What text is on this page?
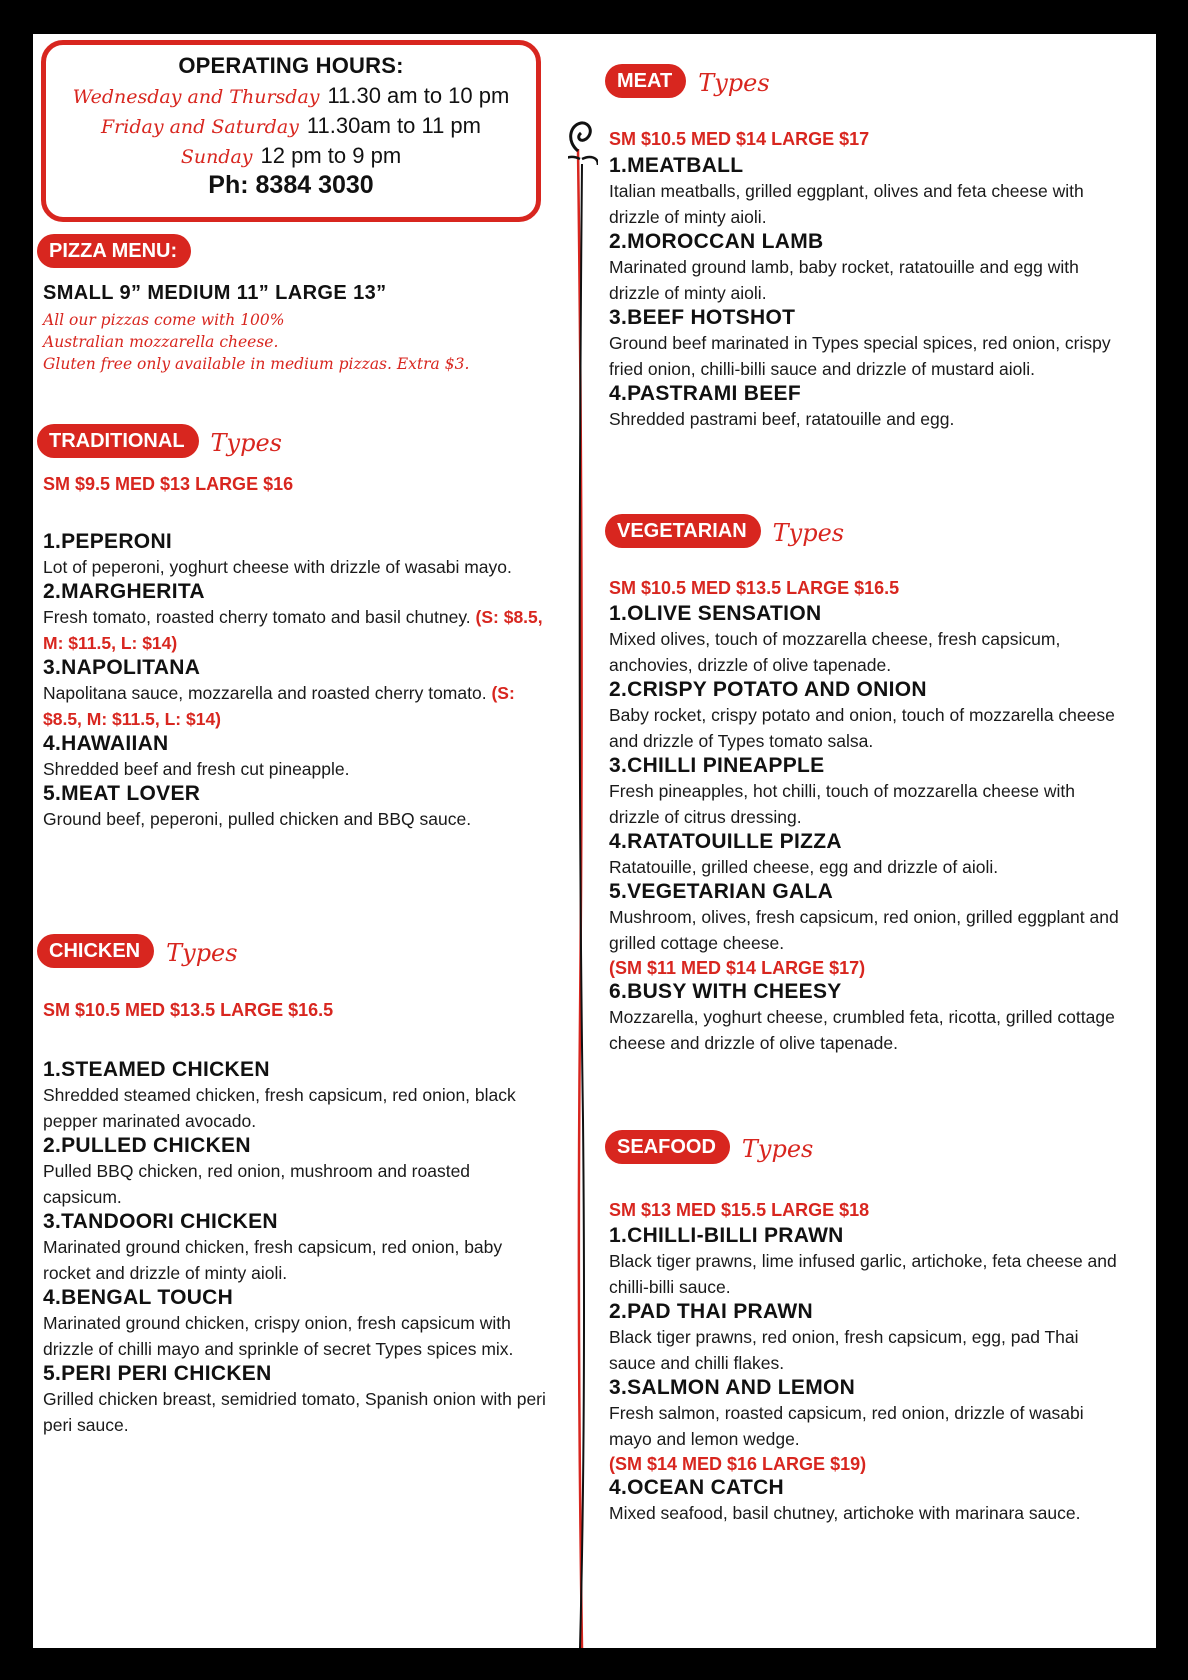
OPERATING HOURS:
Wednesday and Thursday 11.30 am to 10 pm
Friday and Saturday 11.30am to 11 pm
Sunday 12 pm to 9 pm
Ph: 8384 3030
PIZZA MENU:
SMALL 9” MEDIUM 11” LARGE 13”
All our pizzas come with 100%
Australian mozzarella cheese.
Gluten free only available in medium pizzas. Extra $3.
TRADITIONAL Types
SM $9.5 MED $13 LARGE $16
1.PEPERONI
Lot of peperoni, yoghurt cheese with drizzle of wasabi mayo.
2.MARGHERITA
Fresh tomato, roasted cherry tomato and basil chutney. (S: $8.5, M: $11.5, L: $14)
3.NAPOLITANA
Napolitana sauce, mozzarella and roasted cherry tomato. (S: $8.5, M: $11.5, L: $14)
4.HAWAIIAN
Shredded beef and fresh cut pineapple.
5.MEAT LOVER
Ground beef, peperoni, pulled chicken and BBQ sauce.
CHICKEN Types
SM $10.5 MED $13.5 LARGE $16.5
1.STEAMED CHICKEN
Shredded steamed chicken, fresh capsicum, red onion, black pepper marinated avocado.
2.PULLED CHICKEN
Pulled BBQ chicken, red onion, mushroom and roasted capsicum.
3.TANDOORI CHICKEN
Marinated ground chicken, fresh capsicum, red onion, baby rocket and drizzle of minty aioli.
4.BENGAL TOUCH
Marinated ground chicken, crispy onion, fresh capsicum with drizzle of chilli mayo and sprinkle of secret Types spices mix.
5.PERI PERI CHICKEN
Grilled chicken breast, semidried tomato, Spanish onion with peri peri sauce.
MEAT Types
SM $10.5 MED $14 LARGE $17
1.MEATBALL
Italian meatballs, grilled eggplant, olives and feta cheese with drizzle of minty aioli.
2.MOROCCAN LAMB
Marinated ground lamb, baby rocket, ratatouille and egg with drizzle of minty aioli.
3.BEEF HOTSHOT
Ground beef marinated in Types special spices, red onion, crispy fried onion, chilli-billi sauce and drizzle of mustard aioli.
4.PASTRAMI BEEF
Shredded pastrami beef, ratatouille and egg.
VEGETARIAN Types
SM $10.5 MED $13.5 LARGE $16.5
1.OLIVE SENSATION
Mixed olives, touch of mozzarella cheese, fresh capsicum, anchovies, drizzle of olive tapenade.
2.CRISPY POTATO AND ONION
Baby rocket, crispy potato and onion, touch of mozzarella cheese and drizzle of Types tomato salsa.
3.CHILLI PINEAPPLE
Fresh pineapples, hot chilli, touch of mozzarella cheese with drizzle of citrus dressing.
4.RATATOUILLE PIZZA
Ratatouille, grilled cheese, egg and drizzle of aioli.
5.VEGETARIAN GALA
Mushroom, olives, fresh capsicum, red onion, grilled eggplant and grilled cottage cheese.
(SM $11 MED $14 LARGE $17)
6.BUSY WITH CHEESY
Mozzarella, yoghurt cheese, crumbled feta, ricotta, grilled cottage cheese and drizzle of olive tapenade.
SEAFOOD Types
SM $13 MED $15.5 LARGE $18
1.CHILLI-BILLI PRAWN
Black tiger prawns, lime infused garlic, artichoke, feta cheese and chilli-billi sauce.
2.PAD THAI PRAWN
Black tiger prawns, red onion, fresh capsicum, egg, pad Thai sauce and chilli flakes.
3.SALMON AND LEMON
Fresh salmon, roasted capsicum, red onion, drizzle of wasabi mayo and lemon wedge.
(SM $14 MED $16 LARGE $19)
4.OCEAN CATCH
Mixed seafood, basil chutney, artichoke with marinara sauce.
